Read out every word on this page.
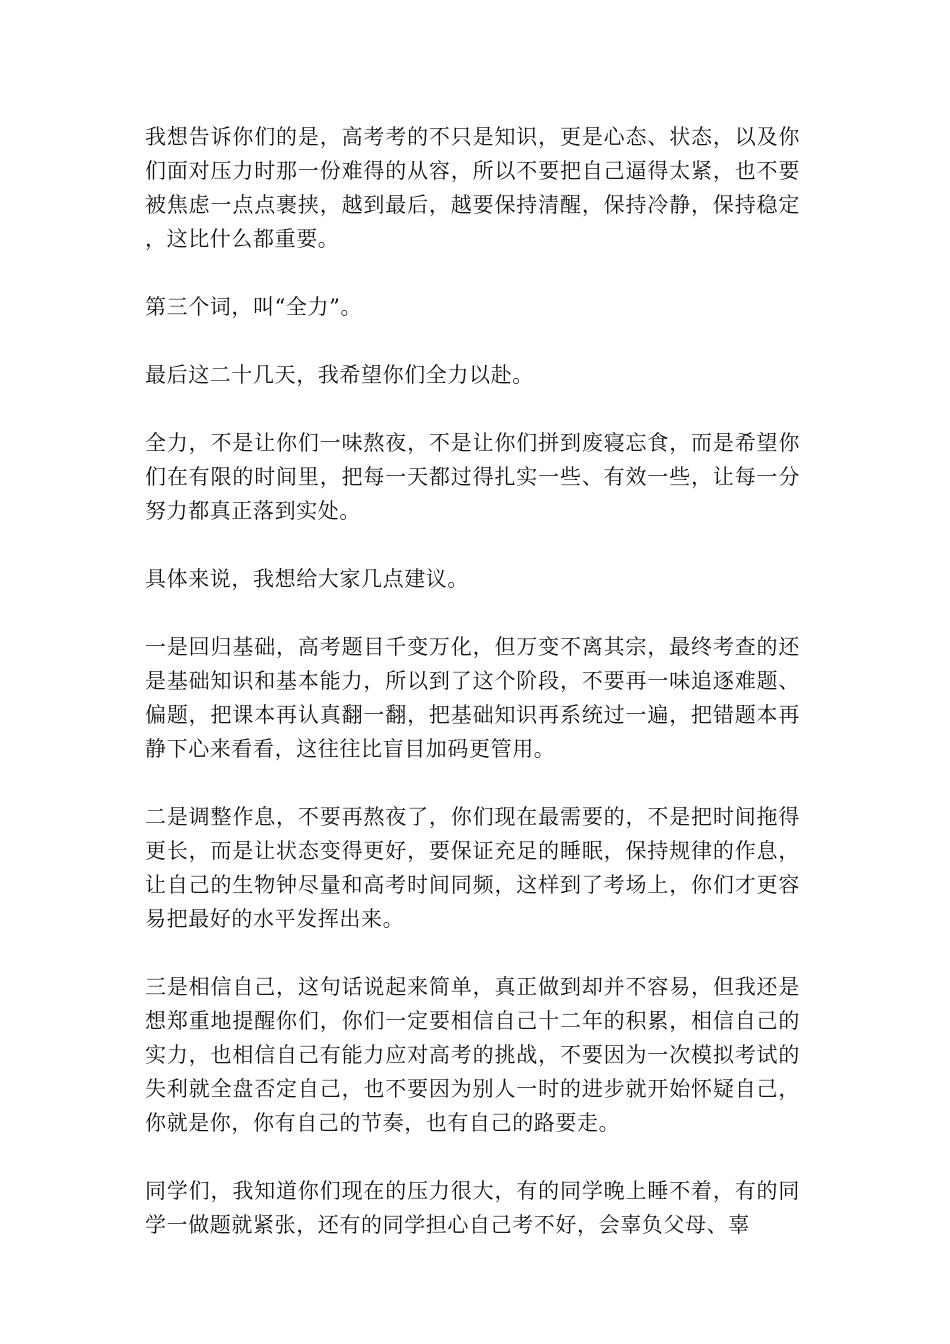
我想告诉你们的是，高考考的不只是知识，更是心态、状态，以及你们面对压力时那一份难得的从容，所以不要把自己逼得太紧，也不要被焦虑一点点裹挟，越到最后，越要保持清醒，保持冷静，保持稳定，这比什么都重要。

第三个词，叫“全力”。

最后这二十几天，我希望你们全力以赴。

全力，不是让你们一味熬夜，不是让你们拼到废寝忘食，而是希望你们在有限的时间里，把每一天都过得扎实一些、有效一些，让每一分努力都真正落到实处。

具体来说，我想给大家几点建议。

一是回归基础，高考题目千变万化，但万变不离其宗，最终考查的还是基础知识和基本能力，所以到了这个阶段，不要再一味追逐难题、偏题，把课本再认真翻一翻，把基础知识再系统过一遍，把错题本再静下心来看看，这往往比盲目加码更管用。

二是调整作息，不要再熬夜了，你们现在最需要的，不是把时间拖得更长，而是让状态变得更好，要保证充足的睡眠，保持规律的作息，让自己的生物钟尽量和高考时间同频，这样到了考场上，你们才更容易把最好的水平发挥出来。

三是相信自己，这句话说起来简单，真正做到却并不容易，但我还是想郑重地提醒你们，你们一定要相信自己十二年的积累，相信自己的实力，也相信自己有能力应对高考的挑战，不要因为一次模拟考试的失利就全盘否定自己，也不要因为别人一时的进步就开始怀疑自己，你就是你，你有自己的节奏，也有自己的路要走。

同学们，我知道你们现在的压力很大，有的同学晚上睡不着，有的同学一做题就紧张，还有的同学担心自己考不好，会辜负父母、辜
